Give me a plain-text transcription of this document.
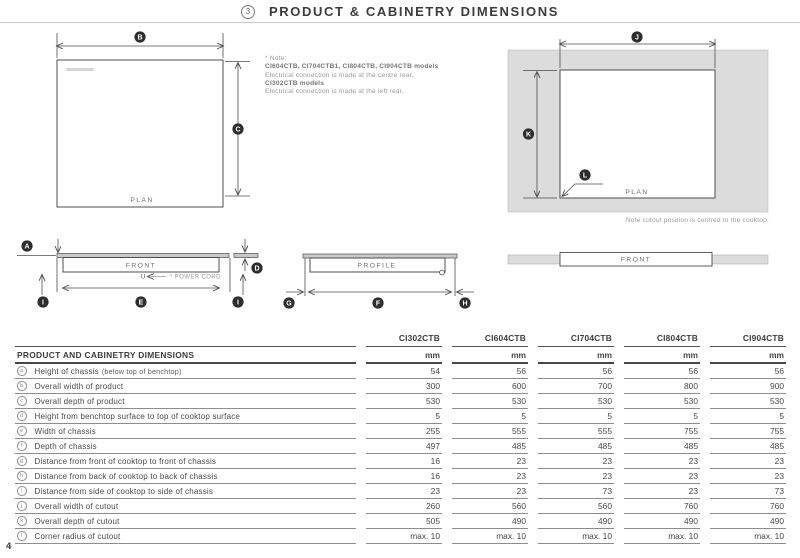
3 PRODUCT & CABINETRY DIMENSIONS
* Note:
CI604CTB, CI704CTB1, CI804CTB, CI904CTB models
Electrical connection is made at the centre rear.
CI302CTB models
Electrical connection is made at the left rear.
B
C
PLAN
J
K
L
PLAN
Note cutout position is centred to the cooktop.
FRONT
U	* POWER CORD
A
D
I	E	I
PROFILE
G	F	H
FRONT
CI302CTB	CI604CTB	CI704CTB	CI804CTB	CI904CTB
PRODUCT AND CABINETRY DIMENSIONS	mm	mm	mm	mm	mm
a	Height of chassis (below top of benchtop)	54	56	56	56	56
b	Overall width of product	300	600	700	800	900
c	Overall depth of product	530	530	530	530	530
d	Height from benchtop surface to top of cooktop surface	5	5	5	5	5
e	Width of chassis	255	555	555	755	755
f	Depth of chassis	497	485	485	485	485
g	Distance from front of cooktop to front of chassis	16	23	23	23	23
h	Distance from back of cooktop to back of chassis	16	23	23	23	23
i	Distance from side of cooktop to side of chassis	23	23	73	23	73
j	Overall width of cutout	260	560	560	760	760
k	Overall depth of cutout	505	490	490	490	490
l	Corner radius of cutout	max. 10	max. 10	max. 10	max. 10	max. 10
4
